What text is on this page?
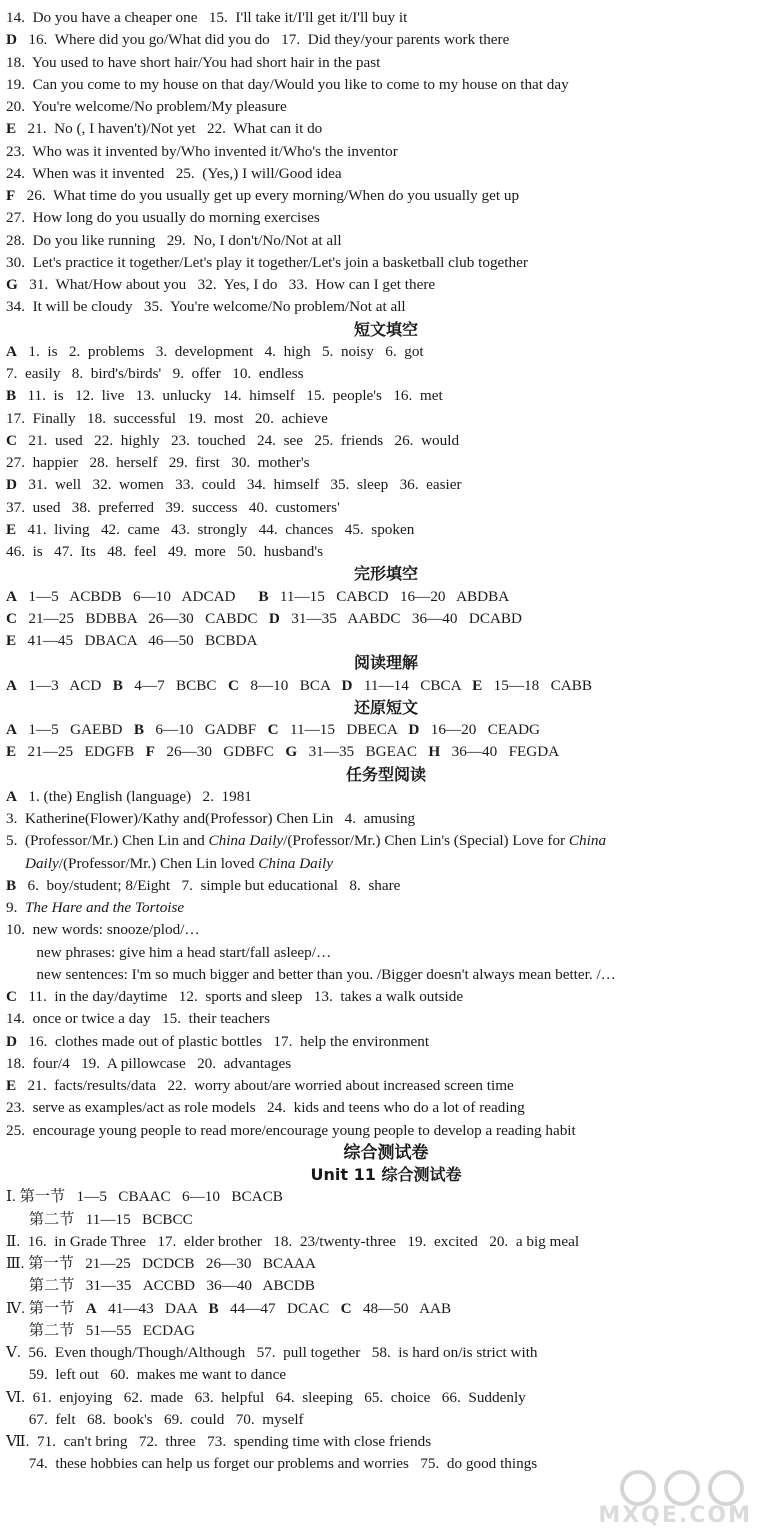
14.  Do you have a cheaper one   15.  I'll take it/I'll get it/I'll buy it
D   16.  Where did you go/What did you do   17.  Did they/your parents work there
18.  You used to have short hair/You had short hair in the past
19.  Can you come to my house on that day/Would you like to come to my house on that day
20.  You're welcome/No problem/My pleasure
E   21.  No (, I haven't)/Not yet   22.  What can it do
23.  Who was it invented by/Who invented it/Who's the inventor
24.  When was it invented   25.  (Yes,) I will/Good idea
F   26.  What time do you usually get up every morning/When do you usually get up
27.  How long do you usually do morning exercises
28.  Do you like running   29.  No, I don't/No/Not at all
30.  Let's practice it together/Let's play it together/Let's join a basketball club together
G   31.  What/How about you   32.  Yes, I do   33.  How can I get there
34.  It will be cloudy   35.  You're welcome/No problem/Not at all
短文填空
A   1.  is   2.  problems   3.  development   4.  high   5.  noisy   6.  got
7.  easily   8.  bird's/birds'   9.  offer   10.  endless
B   11.  is   12.  live   13.  unlucky   14.  himself   15.  people's   16.  met
17.  Finally   18.  successful   19.  most   20.  achieve
C   21.  used   22.  highly   23.  touched   24.  see   25.  friends   26.  would
27.  happier   28.  herself   29.  first   30.  mother's
D   31.  well   32.  women   33.  could   34.  himself   35.  sleep   36.  easier
37.  used   38.  preferred   39.  success   40.  customers'
E   41.  living   42.  came   43.  strongly   44.  chances   45.  spoken
46.  is   47.  Its   48.  feel   49.  more   50.  husband's
完形填空
A   1—5   ACBDB   6—10   ADCAD      B   11—15   CABCD   16—20   ABDBA
C   21—25   BDBBA   26—30   CABDC   D   31—35   AABDC   36—40   DCABD
E   41—45   DBACA   46—50   BCBDA
阅读理解
A   1—3   ACD   B   4—7   BCBC   C   8—10   BCA   D   11—14   CBCA   E   15—18   CABB
还原短文
A   1—5   GAEBD   B   6—10   GADBF   C   11—15   DBECA   D   16—20   CEADG
E   21—25   EDGFB   F   26—30   GDBFC   G   31—35   BGEAC   H   36—40   FEGDA
任务型阅读
A   1. (the) English (language)   2.  1981
3.  Katherine(Flower)/Kathy and(Professor) Chen Lin   4.  amusing
5.  (Professor/Mr.) Chen Lin and China Daily/(Professor/Mr.) Chen Lin's (Special) Love for China
Daily/(Professor/Mr.) Chen Lin loved China Daily
B   6.  boy/student; 8/Eight   7.  simple but educational   8.  share
9.  The Hare and the Tortoise
10.  new words: snooze/plod/…
new phrases: give him a head start/fall asleep/…
new sentences: I'm so much bigger and better than you. /Bigger doesn't always mean better. /…
C   11.  in the day/daytime   12.  sports and sleep   13.  takes a walk outside
14.  once or twice a day   15.  their teachers
D   16.  clothes made out of plastic bottles   17.  help the environment
18.  four/4   19.  A pillowcase   20.  advantages
E   21.  facts/results/data   22.  worry about/are worried about increased screen time
23.  serve as examples/act as role models   24.  kids and teens who do a lot of reading
25.  encourage young people to read more/encourage young people to develop a reading habit
综合测试卷
Unit 11 综合测试卷
Ⅰ. 第一节   1—5   CBAAC   6—10   BCACB
第二节   11—15   BCBCC
Ⅱ.  16.  in Grade Three   17.  elder brother   18.  23/twenty-three   19.  excited   20.  a big meal
Ⅲ. 第一节   21—25   DCDCB   26—30   BCAAA
第二节   31—35   ACCBD   36—40   ABCDB
Ⅳ. 第一节   A   41—43   DAA   B   44—47   DCAC   C   48—50   AAB
第二节   51—55   ECDAG
Ⅴ.  56.  Even though/Though/Although   57.  pull together   58.  is hard on/is strict with
59.  left out   60.  makes me want to dance
Ⅵ.  61.  enjoying   62.  made   63.  helpful   64.  sleeping   65.  choice   66.  Suddenly
67.  felt   68.  book's   69.  could   70.  myself
Ⅶ.  71.  can't bring   72.  three   73.  spending time with close friends
74.  these hobbies can help us forget our problems and worries   75.  do good things
MXQE.COM
